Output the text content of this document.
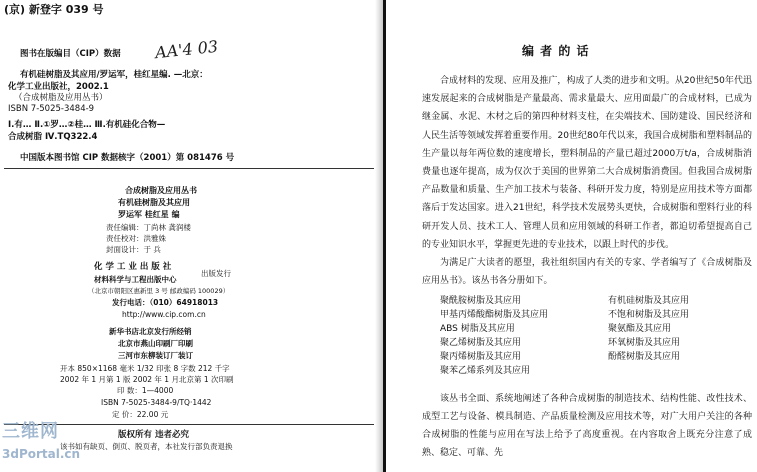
(京) 新登字 039 号
AA'4 03
图书在版编目（CIP）数据
有机硅树脂及其应用/罗运军，桂红星编. —北京：
化学工业出版社，2002.1
（合成树脂及应用丛书）
ISBN 7-5025-3484-9
Ⅰ.有… Ⅱ.①罗…②桂… Ⅲ.有机硅化合物—
合成树脂 Ⅳ.TQ322.4
中国版本图书馆 CIP 数据核字（2001）第 081476 号
合成树脂及应用丛书
有机硅树脂及其应用
罗运军 桂红星 编
责任编辑：丁尚林 龚润楼
责任校对：洪雅姝
封面设计：于 兵
化 学 工 业 出 版 社
材料科学与工程出版中心
出版发行
（北京市朝阳区惠新里 3 号 邮政编码 100029）
发行电话：（010）64918013
http://www.cip.com.cn
新华书店北京发行所经销
北京市燕山印刷厂印刷
三河市东柳装订厂装订
开本 850×1168 毫米 1/32 印张 8 字数 212 千字
2002 年 1 月第 1 版 2002 年 1 月北京第 1 次印刷
印 数：1—4000
ISBN 7-5025-3484-9/TQ·1442
定 价：22.00 元
版权所有 违者必究
该书如有缺页、倒页、脱页者，本社发行部负责退换
三维网
3dPortal.cn
编 者 的 话

合成材料的发现、应用及推广，构成了人类的进步和文明。从20世纪50年代迅速发展起来的合成树脂是产量最高、需求量最大、应用面最广的合成材料，已成为继金属、水泥、木材之后的第四种材料支柱，在尖端技术、国防建设、国民经济和人民生活等领域发挥着重要作用。20世纪80年代以来，我国合成树脂和塑料制品的生产量以每年两位数的速度增长，塑料制品的产量已超过2000万t/a，合成树脂消费量也逐年提高，成为仅次于美国的世界第二大合成树脂消费国。但我国合成树脂产品数量和质量、生产加工技术与装备、科研开发力度，特别是应用技术等方面都落后于发达国家。进入21世纪，科学技术发展势头更快，合成树脂和塑料行业的科研开发人员、技术工人、管理人员和应用领域的科研工作者，都迫切希望提高自己的专业知识水平，掌握更先进的专业技术，以跟上时代的步伐。

为满足广大读者的愿望，我社组织国内有关的专家、学者编写了《合成树脂及应用丛书》。该丛书各分册如下。

聚酰胺树脂及其应用	有机硅树脂及其应用
甲基丙烯酸酯树脂及其应用	不饱和树脂及其应用
ABS 树脂及其应用	聚氨酯及其应用
聚乙烯树脂及其应用	环氧树脂及其应用
聚丙烯树脂及其应用	酚醛树脂及其应用
聚苯乙烯系列及其应用

该丛书全面、系统地阐述了各种合成树脂的制造技术、结构性能、改性技术、成型工艺与设备、模具制造、产品质量检测及应用技术等，对广大用户关注的各种合成树脂的性能与应用在写法上给予了高度重视。在内容取舍上既充分注意了成熟、稳定、可靠、先
